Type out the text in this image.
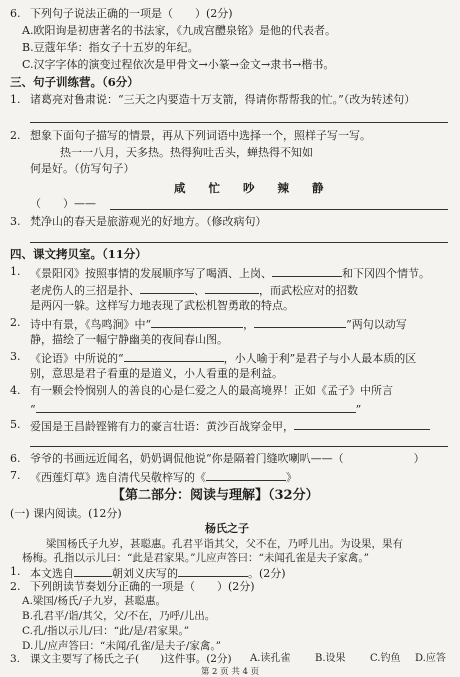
6. 下列句子说法正确的一项是（　　）(2分)
A.欧阳询是初唐著名的书法家，《九成宫醴泉铭》是他的代表者。
B.豆蔻年华：指女子十五岁的年纪。
C.汉字字体的演变过程依次是甲骨文→小篆→金文→隶书→楷书。
三、句子训练营。（6分）
1. 诸葛亮对鲁肃说：“三天之内要造十万支箭，得请你帮帮我的忙。”（改为转述句）
2. 想象下面句子描写的情景，再从下列词语中选择一个，照样子写一写。
热一一八月，天多热。热得狗吐舌头，蝉热得不知如
何是好。（仿写句子）
咸 忙 吵 辣 静
（　　）——
3. 梵净山的春天是旅游观光的好地方。（修改病句）
四、课文拷贝室。（11分）
1. 《景阳冈》按照事情的发展顺序写了喝酒、上岗、	和下冈四个情节。
老虎伤人的三招是扑、	、	，而武松应对的招数
是两闪一躲。这样写力地表现了武松机智勇敢的特点。
2. 诗中有景，《鸟鸣涧》中“	，	”两句以动写
静，描绘了一幅宁静幽美的夜间春山图。
3. 《论语》中所说的“	，小人喻于利”是君子与小人最本质的区
别，意思是君子看重的是道义，小人看重的是利益。
4. 有一颗会怜悯别人的善良的心是仁爱之人的最高境界！正如《孟子》中所言
“	”
5. 爱国是王昌龄铿锵有力的豪言壮语：黄沙百战穿金甲，
6. 爷爷的书画远近闻名，奶奶调侃他说“你是隔着门缝吹喇叭——（	）
7. 《西莲灯草》选自清代吴敬梓写的《	》
【第二部分：阅读与理解】（32分）
(一) 课内阅读。(12分)
杨氏之子
梁国杨氏子九岁，甚聪惠。孔君平诣其父，父不在，乃呼儿出。为设果，果有
杨梅。孔指以示儿曰：“此是君家果。”儿应声答曰：“未闻孔雀是夫子家禽。”
1. 本文选自	朝刘义庆写的	。(2分)
2. 下列朗读节奏划分正确的一项是（　　）(2分)
A.梁国/杨氏/子九岁，甚聪惠。
B.孔君平/诣/其父，父/不在，乃呼/儿出。
C.孔/指以示儿/曰：“此/是/君家果。”
第 2 页 共 4 页
D.儿/应声答曰：“未闻/孔雀/是夫子/家禽。”
3. 课文主要写了杨氏之子(　　)这件事。(2分) A.读孔雀 B.设果 C.钓鱼 D.应答
